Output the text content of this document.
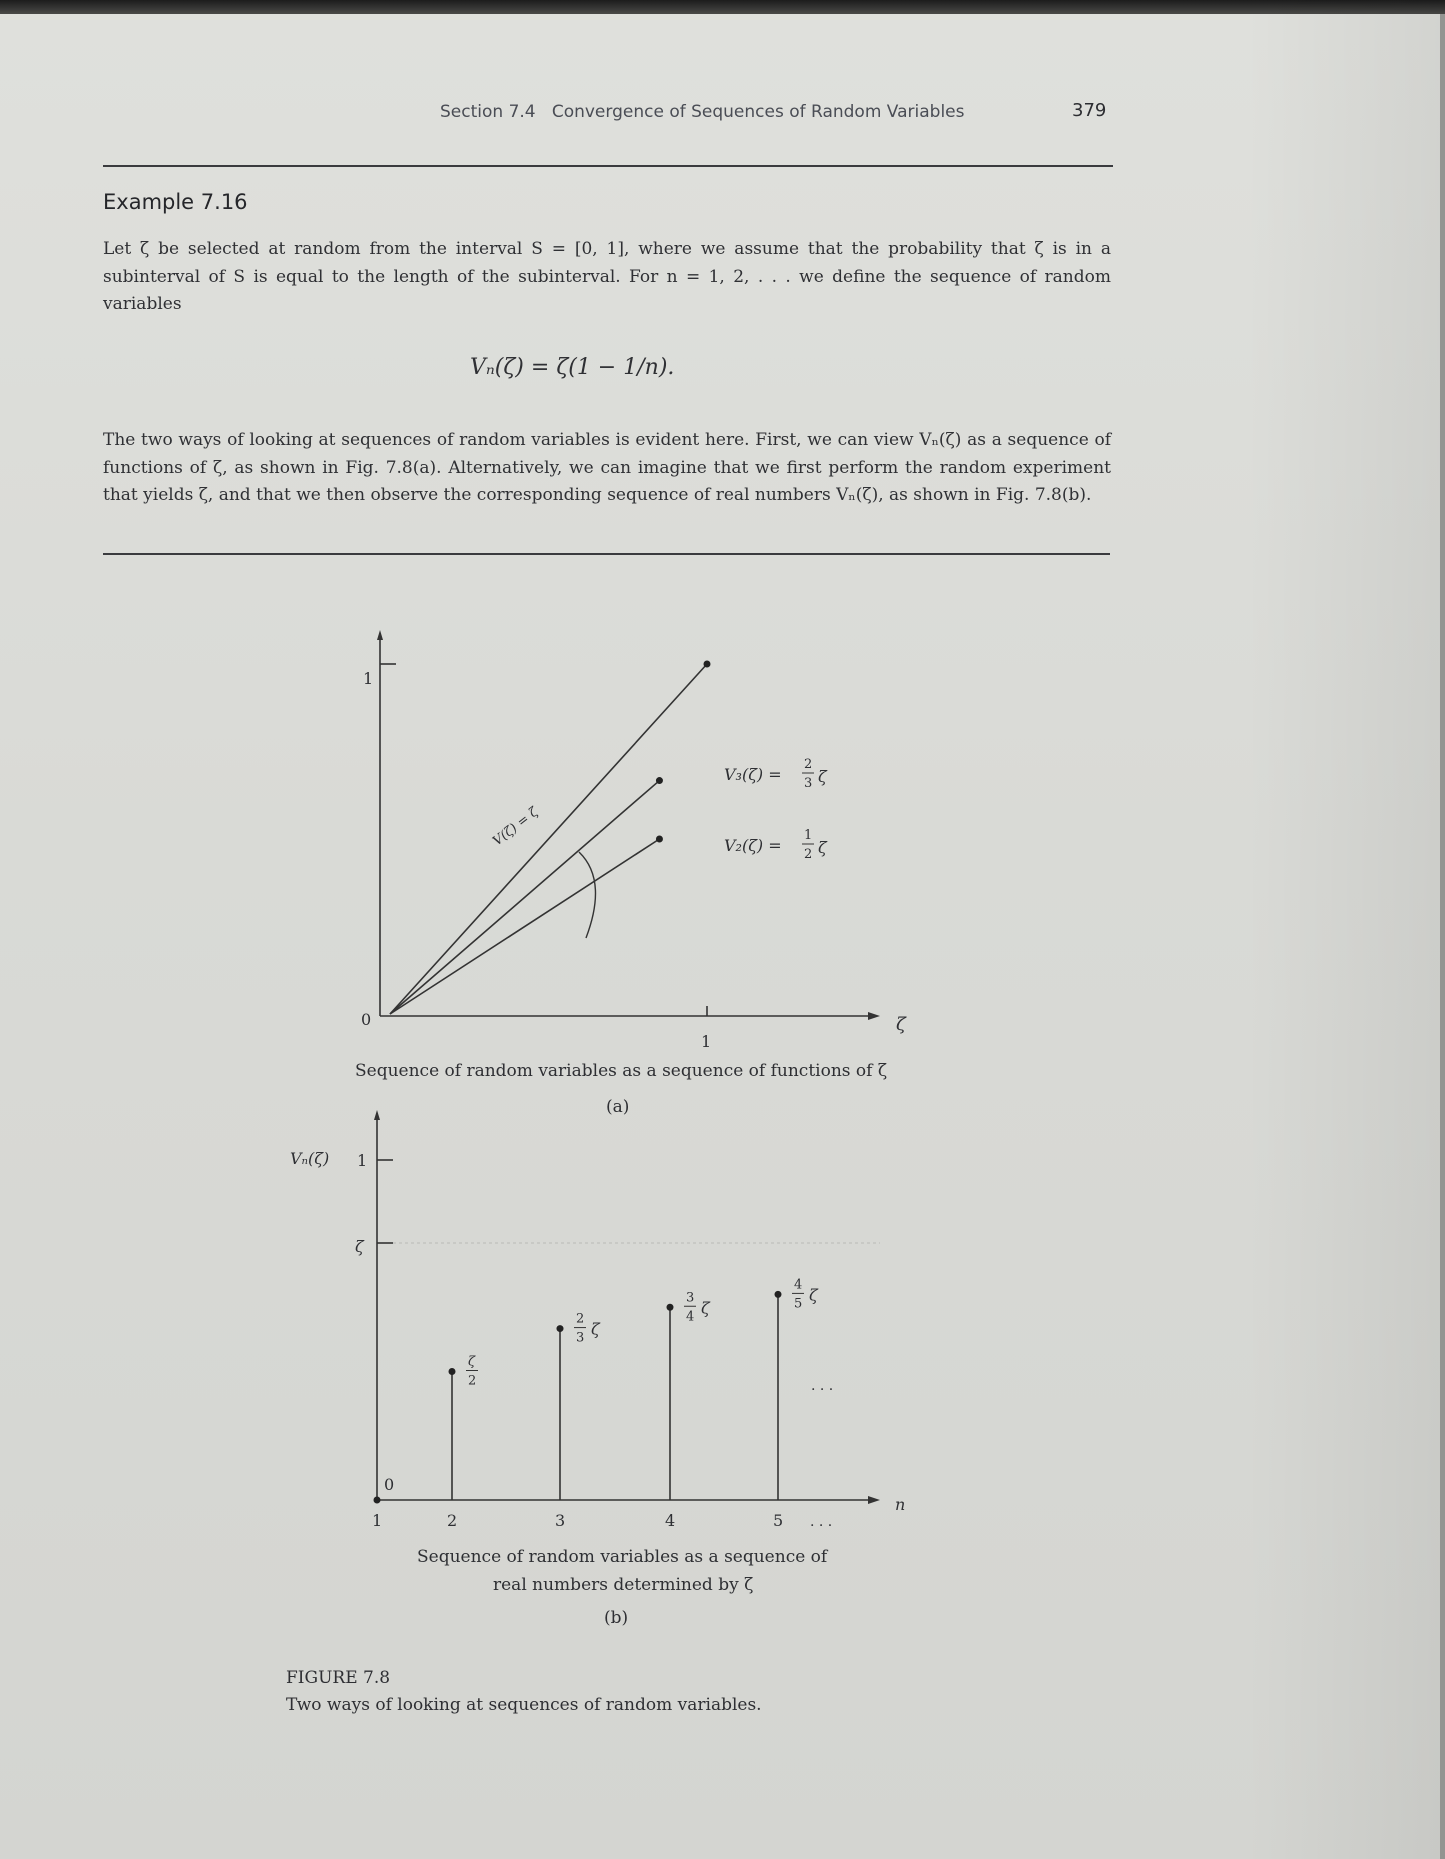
Section 7.4 Convergence of Sequences of Random Variables	379
Example 7.16
Let ζ be selected at random from the interval S = [0, 1], where we assume that the probability that ζ is in a subinterval of S is equal to the length of the subinterval. For n = 1, 2, . . . we define the sequence of random variables
Vₙ(ζ) = ζ(1 − 1/n).
The two ways of looking at sequences of random variables is evident here. First, we can view Vₙ(ζ) as a sequence of functions of ζ, as shown in Fig. 7.8(a). Alternatively, we can imagine that we first perform the random experiment that yields ζ, and that we then observe the corresponding sequence of real numbers Vₙ(ζ), as shown in Fig. 7.8(b).
1
0
1
ζ
V(ζ) = ζ
V₃(ζ) =
2
3 ζ
V₂(ζ) =
1
2 ζ
Sequence of random variables as a sequence of functions of ζ
(a)
Vₙ(ζ) 1
ζ
0
n
ζ
2
2
3 ζ
3
4 ζ
4
5 ζ
1	2	3	4	5 . . .
. . .
Sequence of random variables as a sequence of
real numbers determined by ζ
(b)
FIGURE 7.8
Two ways of looking at sequences of random variables.
